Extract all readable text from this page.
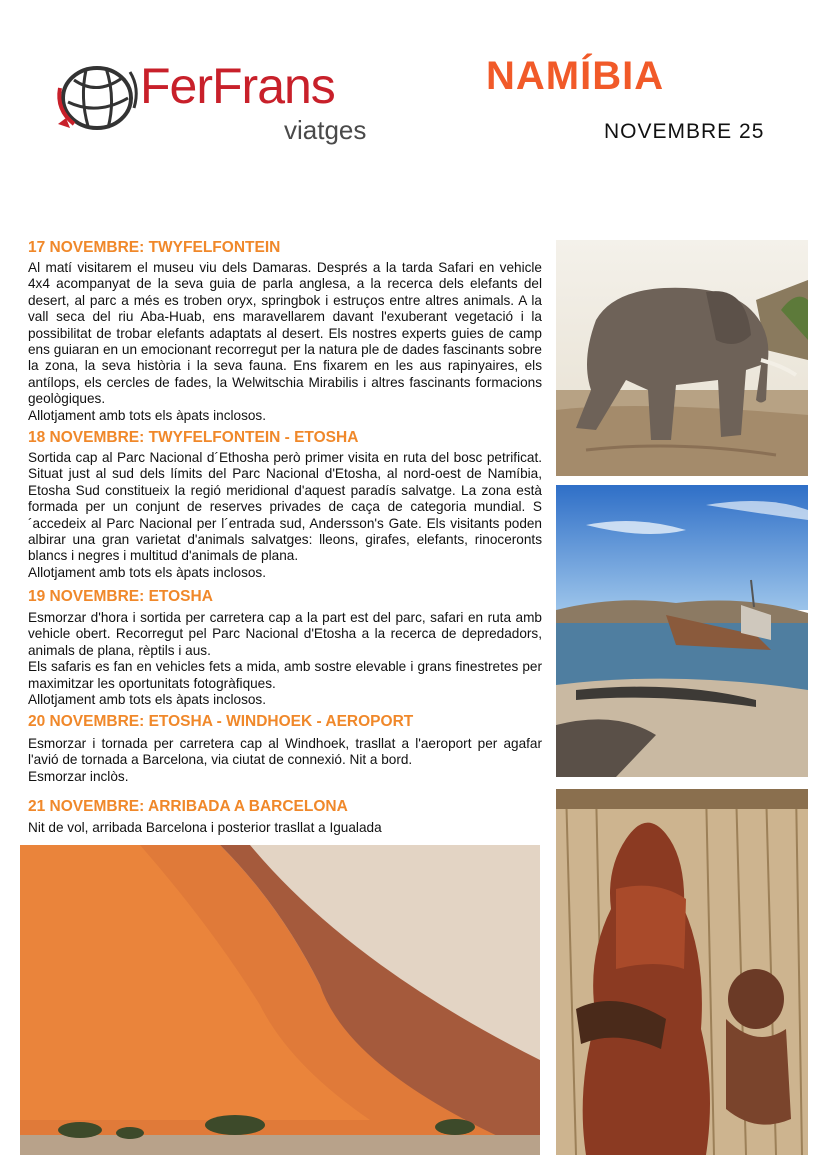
FerFrans
viatges
NAMÍBIA
NOVEMBRE 25
17 NOVEMBRE: TWYFELFONTEIN

Al matí visitarem el museu viu dels Damaras. Després a la tarda Safari en vehicle 4x4 acompanyat de la seva guia de parla anglesa, a la recerca dels elefants del desert, al parc a més es troben oryx, springbok i estruços entre altres animals. A la vall seca del riu Aba-Huab, ens maravellarem davant l'exuberant vegetació i la possibilitat de trobar elefants adaptats al desert. Els nostres experts guies de camp ens guiaran en un emocionant recorregut per la natura ple de dades fascinants sobre la zona, la seva història i la seva fauna. Ens fixarem en les aus rapinyaires, els antílops, els cercles de fades, la Welwitschia Mirabilis i altres fascinants formacions geològiques.

Allotjament amb tots els àpats inclosos.

18 NOVEMBRE: TWYFELFONTEIN - ETOSHA

Sortida cap al Parc Nacional d´Ethosha però primer visita en ruta del bosc petrificat. Situat just al sud dels límits del Parc Nacional d'Etosha, al nord-oest de Namíbia, Etosha Sud constitueix la regió meridional d'aquest paradís salvatge. La zona està formada per un conjunt de reserves privades de caça de categoria mundial. S´accedeix al Parc Nacional per l´entrada sud, Andersson's Gate. Els visitants poden albirar una gran varietat d'animals salvatges: lleons, girafes, elefants, rinoceronts blancs i negres i multitud d'animals de plana.

Allotjament amb tots els àpats inclosos.

19 NOVEMBRE: ETOSHA

Esmorzar d'hora i sortida per carretera cap a la part est del parc, safari en ruta amb vehicle obert. Recorregut pel Parc Nacional d'Etosha a la recerca de depredadors, animals de plana, rèptils i aus.

Els safaris es fan en vehicles fets a mida, amb sostre elevable i grans finestretes per maximitzar les oportunitats fotogràfiques.

Allotjament amb tots els àpats inclosos.

20 NOVEMBRE: ETOSHA - WINDHOEK - AEROPORT

Esmorzar i tornada per carretera cap al Windhoek, trasllat a l'aeroport per agafar l'avió de tornada a Barcelona, via ciutat de connexió. Nit a bord.

Esmorzar inclòs.

21 NOVEMBRE: ARRIBADA A BARCELONA

Nit de vol, arribada Barcelona i posterior trasllat a Igualada
